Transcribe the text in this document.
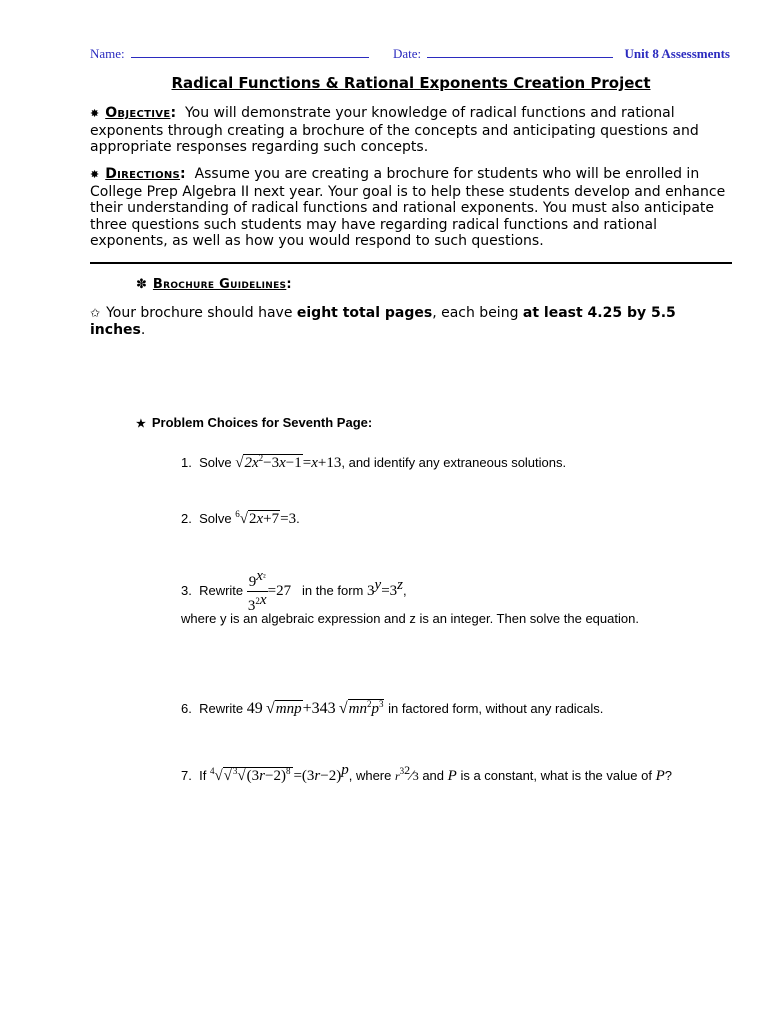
Name:	Date:	Unit 8 Assessments
Radical Functions & Rational Exponents Creation Project
✸ Objective: You will demonstrate your knowledge of radical functions and rational exponents through creating a brochure of the concepts and anticipating questions and appropriate responses regarding such concepts.
✸ Directions: Assume you are creating a brochure for students who will be enrolled in College Prep Algebra II next year. Your goal is to help these students develop and enhance their understanding of radical functions and rational exponents. You must also anticipate three questions such students may have regarding radical functions and rational exponents, as well as how you would respond to such questions.
✽ Brochure Guidelines:
✩ Your brochure should have eight total pages, each being at least 4.25 by 5.5 inches.
★ Problem Choices for Seventh Page:
1. Solve $√2x^2-3x-1=x+13$, and identify any extraneous solutions.
2. Solve $^6$√2x+7=3.
3. Rewrite $\frac{9^{x^2}}{3^{2x}} =27$ in the form $3^y=3^z$,
where y is an algebraic expression and z is an integer. Then solve the equation.
6. Rewrite 49 √mnp+343 $√mn^2p^3$ in factored form, without any radicals.
7. If $^4√√^3√(3r-2)^8 =(3r-2)^p$, where $r^{32}⁄3$ and P is a constant, what is the value of P?
